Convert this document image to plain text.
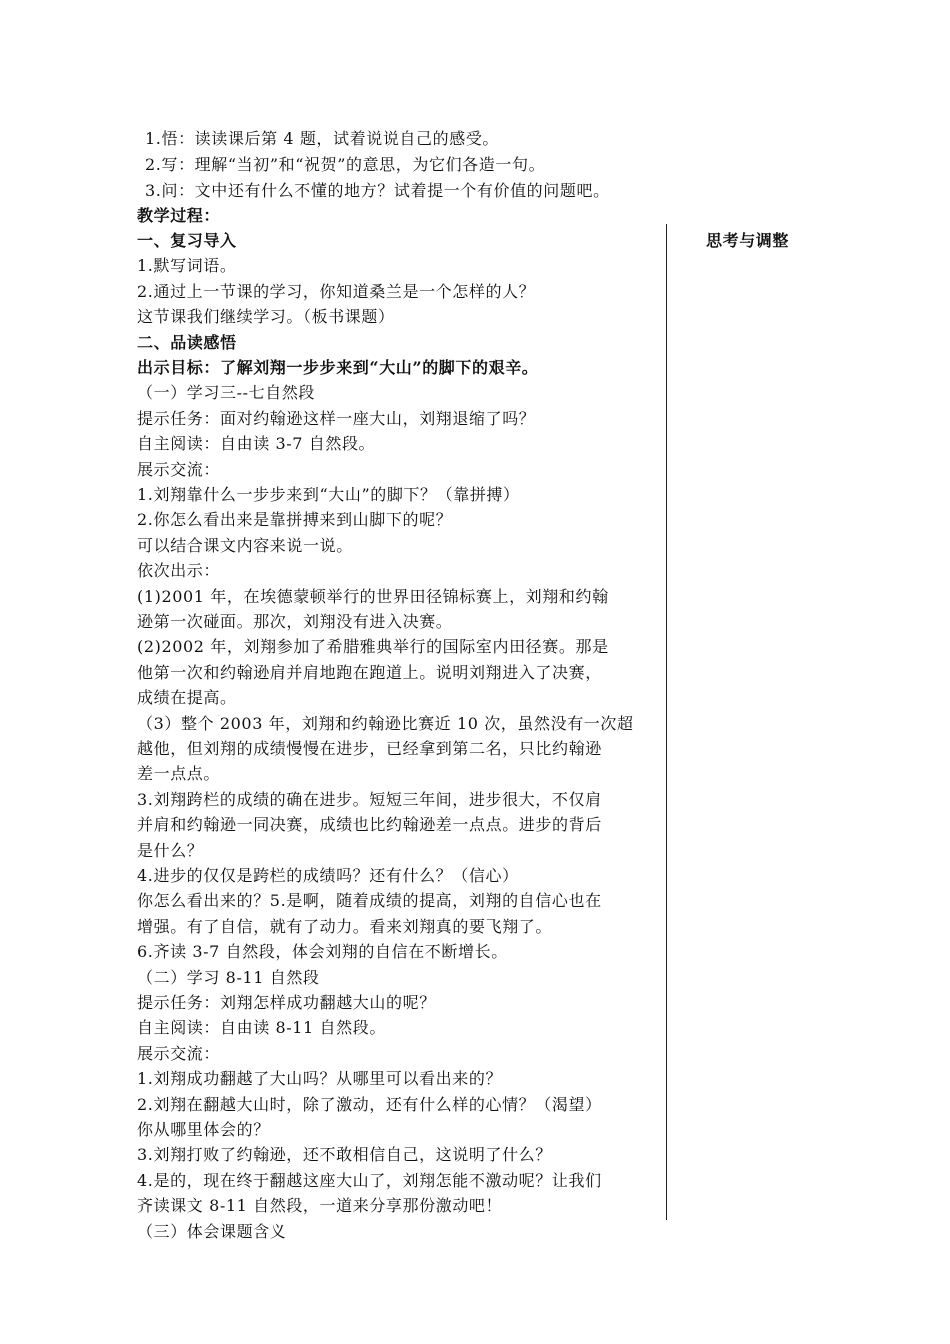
1.悟：读读课后第 4 题，试着说说自己的感受。
2.写：理解“当初”和“祝贺”的意思，为它们各造一句。
3.问：文中还有什么不懂的地方？试着提一个有价值的问题吧。
教学过程：
思考与调整
一、复习导入
1.默写词语。
2.通过上一节课的学习，你知道桑兰是一个怎样的人？
这节课我们继续学习。（板书课题）
二、品读感悟
出示目标：了解刘翔一步步来到“大山”的脚下的艰辛。
（一）学习三--七自然段
提示任务：面对约翰逊这样一座大山，刘翔退缩了吗？
自主阅读：自由读 3-7 自然段。
展示交流：
1.刘翔靠什么一步步来到“大山”的脚下？（靠拼搏）
2.你怎么看出来是靠拼搏来到山脚下的呢？
可以结合课文内容来说一说。
依次出示：
(1)2001 年，在埃德蒙顿举行的世界田径锦标赛上，刘翔和约翰
逊第一次碰面。那次，刘翔没有进入决赛。
(2)2002 年，刘翔参加了希腊雅典举行的国际室内田径赛。那是
他第一次和约翰逊肩并肩地跑在跑道上。说明刘翔进入了决赛，
成绩在提高。
（3）整个 2003 年，刘翔和约翰逊比赛近 10 次，虽然没有一次超
越他，但刘翔的成绩慢慢在进步，已经拿到第二名，只比约翰逊
差一点点。
3.刘翔跨栏的成绩的确在进步。短短三年间，进步很大，不仅肩
并肩和约翰逊一同决赛，成绩也比约翰逊差一点点。进步的背后
是什么？
4.进步的仅仅是跨栏的成绩吗？还有什么？（信心）
你怎么看出来的？5.是啊，随着成绩的提高，刘翔的自信心也在
增强。有了自信，就有了动力。看来刘翔真的要飞翔了。
6.齐读 3-7 自然段，体会刘翔的自信在不断增长。
（二）学习 8-11 自然段
提示任务：刘翔怎样成功翻越大山的呢？
自主阅读：自由读 8-11 自然段。
展示交流：
1.刘翔成功翻越了大山吗？从哪里可以看出来的？
2.刘翔在翻越大山时，除了激动，还有什么样的心情？（渴望）
你从哪里体会的？
3.刘翔打败了约翰逊，还不敢相信自己，这说明了什么？
4.是的，现在终于翻越这座大山了，刘翔怎能不激动呢？让我们
齐读课文 8-11 自然段，一道来分享那份激动吧！
（三）体会课题含义
